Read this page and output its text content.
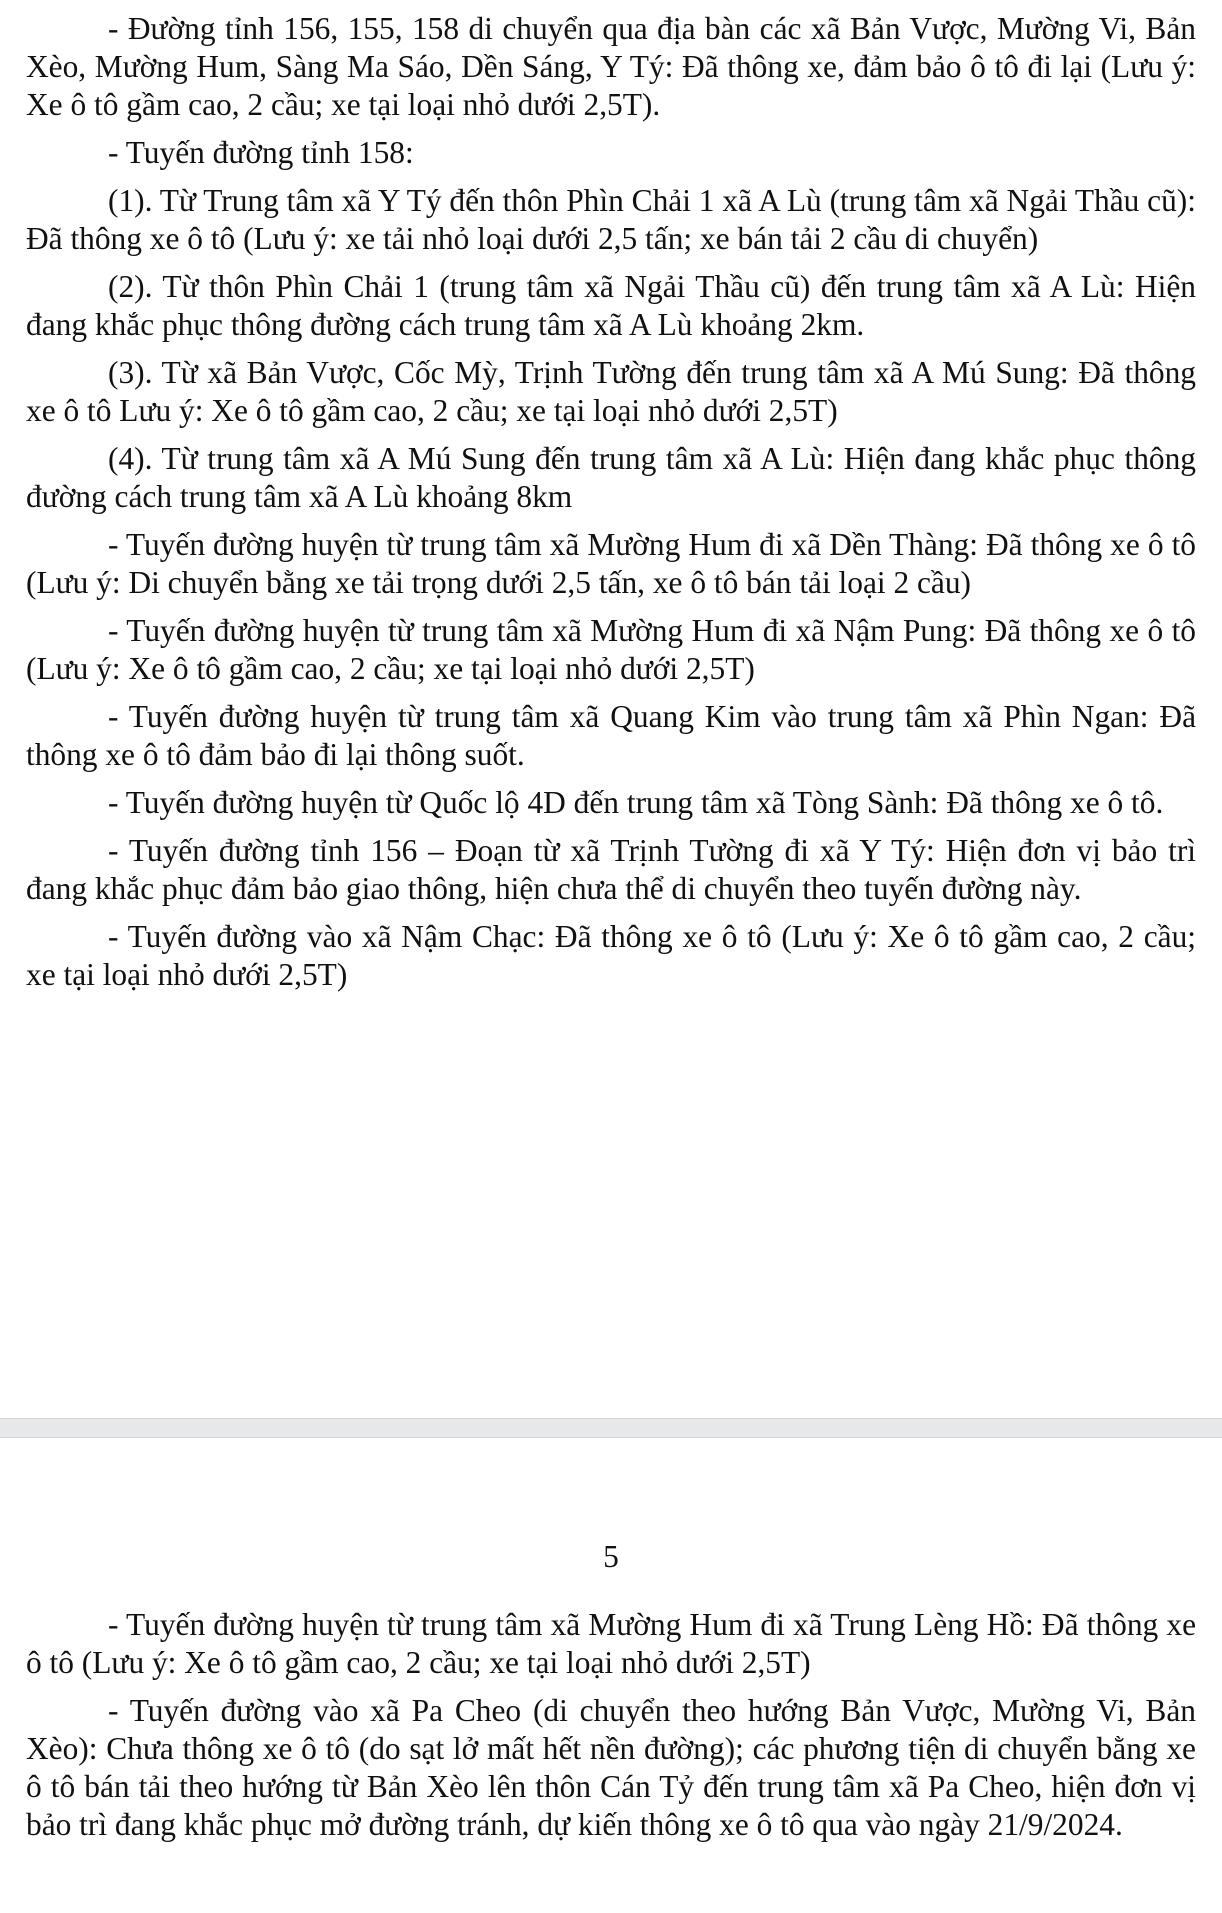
- Đường tỉnh 156, 155, 158 di chuyển qua địa bàn các xã Bản Vược, Mường Vi, Bản Xèo, Mường Hum, Sàng Ma Sáo, Dền Sáng, Y Tý: Đã thông xe, đảm bảo ô tô đi lại (Lưu ý: Xe ô tô gầm cao, 2 cầu; xe tại loại nhỏ dưới 2,5T).

- Tuyến đường tỉnh 158:

(1). Từ Trung tâm xã Y Tý đến thôn Phìn Chải 1 xã A Lù (trung tâm xã Ngải Thầu cũ): Đã thông xe ô tô (Lưu ý: xe tải nhỏ loại dưới 2,5 tấn; xe bán tải 2 cầu di chuyển)

(2). Từ thôn Phìn Chải 1 (trung tâm xã Ngải Thầu cũ) đến trung tâm xã A Lù: Hiện đang khắc phục thông đường cách trung tâm xã A Lù khoảng 2km.

(3). Từ xã Bản Vược, Cốc Mỳ, Trịnh Tường đến trung tâm xã A Mú Sung: Đã thông xe ô tô Lưu ý: Xe ô tô gầm cao, 2 cầu; xe tại loại nhỏ dưới 2,5T)

(4). Từ trung tâm xã A Mú Sung đến trung tâm xã A Lù: Hiện đang khắc phục thông đường cách trung tâm xã A Lù khoảng 8km

- Tuyến đường huyện từ trung tâm xã Mường Hum đi xã Dền Thàng: Đã thông xe ô tô (Lưu ý: Di chuyển bằng xe tải trọng dưới 2,5 tấn, xe ô tô bán tải loại 2 cầu)

- Tuyến đường huyện từ trung tâm xã Mường Hum đi xã Nậm Pung: Đã thông xe ô tô (Lưu ý: Xe ô tô gầm cao, 2 cầu; xe tại loại nhỏ dưới 2,5T)

- Tuyến đường huyện từ trung tâm xã Quang Kim vào trung tâm xã Phìn Ngan: Đã thông xe ô tô đảm bảo đi lại thông suốt.

- Tuyến đường huyện từ Quốc lộ 4D đến trung tâm xã Tòng Sành: Đã thông xe ô tô.

- Tuyến đường tỉnh 156 – Đoạn từ xã Trịnh Tường đi xã Y Tý: Hiện đơn vị bảo trì đang khắc phục đảm bảo giao thông, hiện chưa thể di chuyển theo tuyến đường này.

- Tuyến đường vào xã Nậm Chạc: Đã thông xe ô tô (Lưu ý: Xe ô tô gầm cao, 2 cầu; xe tại loại nhỏ dưới 2,5T)

5

- Tuyến đường huyện từ trung tâm xã Mường Hum đi xã Trung Lèng Hồ: Đã thông xe ô tô (Lưu ý: Xe ô tô gầm cao, 2 cầu; xe tại loại nhỏ dưới 2,5T)

- Tuyến đường vào xã Pa Cheo (di chuyển theo hướng Bản Vược, Mường Vi, Bản Xèo): Chưa thông xe ô tô (do sạt lở mất hết nền đường); các phương tiện di chuyển bằng xe ô tô bán tải theo hướng từ Bản Xèo lên thôn Cán Tỷ đến trung tâm xã Pa Cheo, hiện đơn vị bảo trì đang khắc phục mở đường tránh, dự kiến thông xe ô tô qua vào ngày 21/9/2024.
